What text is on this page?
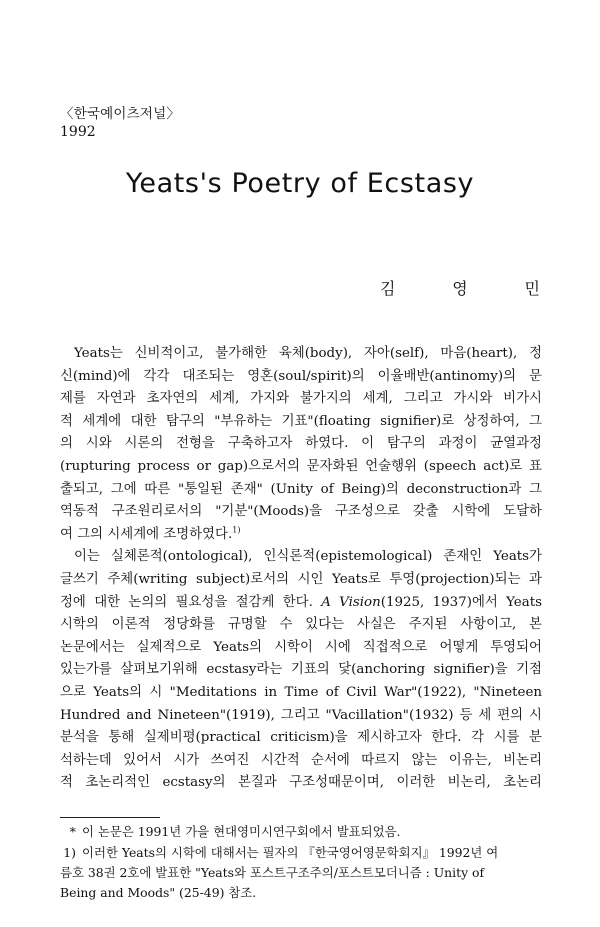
〈한국예이츠저널〉
1992
Yeats's Poetry of Ecstasy
김	영	민
Yeats는 신비적이고, 불가해한 육체(body), 자아(self), 마음(heart), 정
신(mind)에 각각 대조되는 영혼(soul/spirit)의 이율배반(antinomy)의 문
제를 자연과 초자연의 세계, 가지와 불가지의 세계, 그리고 가시와 비가시
적 세계에 대한 탐구의 "부유하는 기표"(floating signifier)로 상정하여, 그
의 시와 시론의 전형을 구축하고자 하였다. 이 탐구의 과정이 균열과정
(rupturing process or gap)으로서의 문자화된 언술행위 (speech act)로 표
출되고, 그에 따른 "통일된 존재" (Unity of Being)의 deconstruction과 그
역동적 구조원리로서의 "기분"(Moods)을 구조성으로 갖출 시학에 도달하
여 그의 시세계에 조명하였다.$^{1)}$
이는 실체론적(ontological), 인식론적(epistemological) 존재인 Yeats가
글쓰기 주체(writing subject)로서의 시인 Yeats로 투영(projection)되는 과
정에 대한 논의의 필요성을 절감케 한다. A Vision(1925, 1937)에서 Yeats
시학의 이론적 정당화를 규명할 수 있다는 사실은 주지된 사항이고, 본
논문에서는 실제적으로 Yeats의 시학이 시에 직접적으로 어떻게 투영되어
있는가를 살펴보기위해 ecstasy라는 기표의 닻(anchoring signifier)을 기점
으로 Yeats의 시 "Meditations in Time of Civil War"(1922), "Nineteen
Hundred and Nineteen"(1919), 그리고 "Vacillation"(1932) 등 세 편의 시
분석을 통해 실제비평(practical criticism)을 제시하고자 한다. 각 시를 분
석하는데 있어서 시가 쓰여진 시간적 순서에 따르지 않는 이유는, 비논리
적 초논리적인 ecstasy의 본질과 구조성때문이며, 이러한 비논리, 초논리
* 이 논문은 1991년 가을 현대영미시연구회에서 발표되었음.
1) 이러한 Yeats의 시학에 대해서는 필자의 『한국영어영문학회지』 1992년 여
름호 38권 2호에 발표한 "Yeats와 포스트구조주의/포스트모더니즘 : Unity of
Being and Moods" (25-49) 참조.
